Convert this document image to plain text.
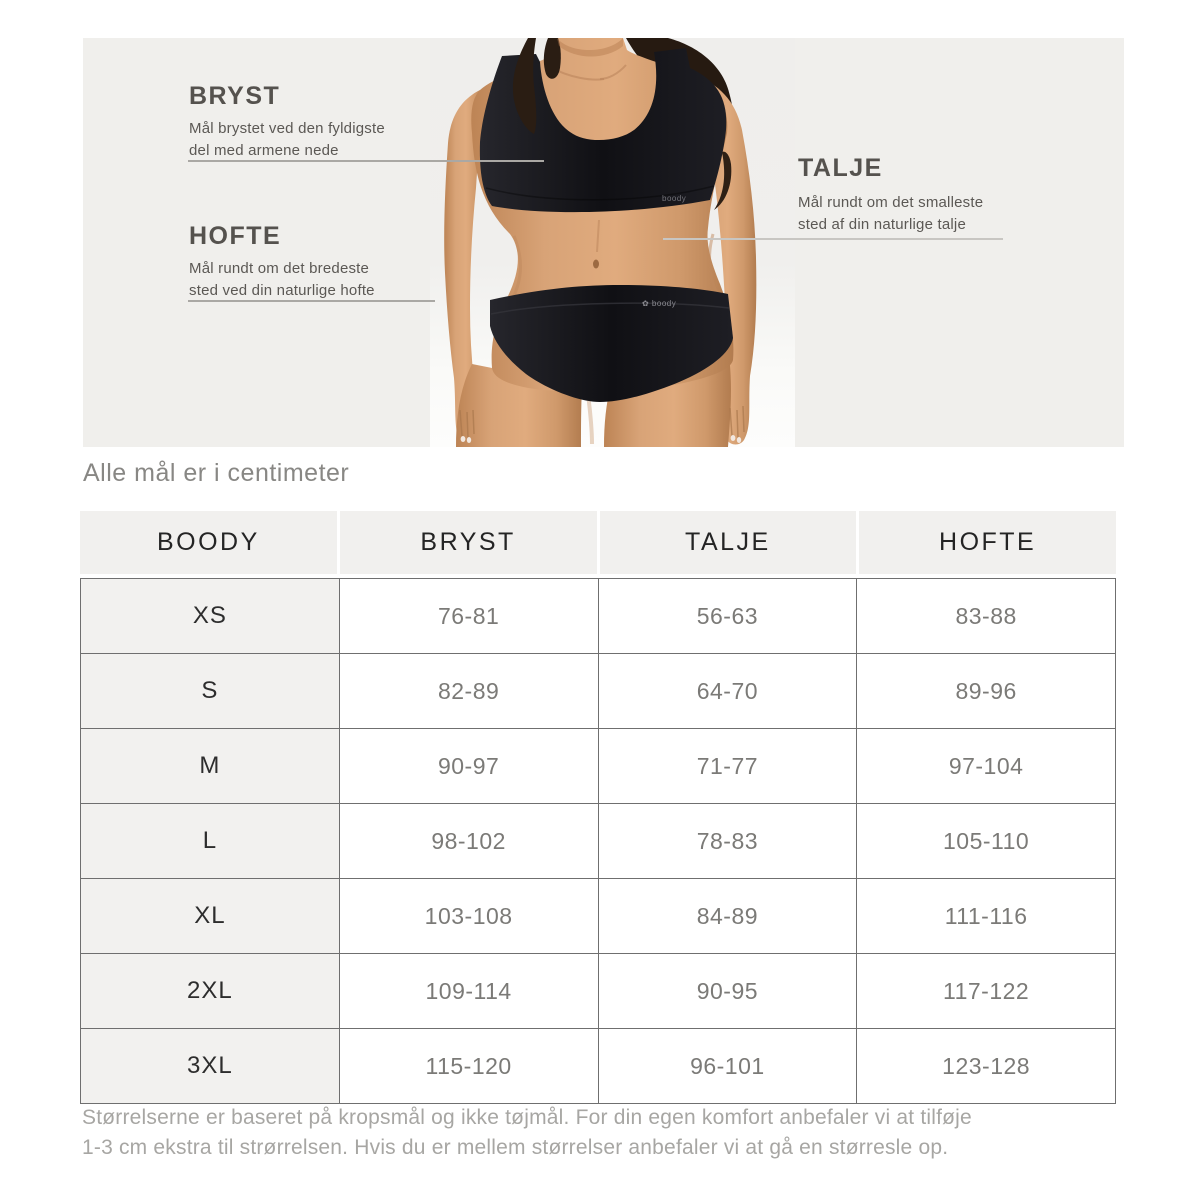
boody
✿ boody
BRYST
Mål brystet ved den fyldigste
del med armene nede
HOFTE
Mål rundt om det bredeste
sted ved din naturlige hofte
TALJE
Mål rundt om det smalleste
sted af din naturlige talje
Alle mål er i centimeter
BOODY	BRYST	TALJE	HOFTE
XS	76-81	56-63	83-88
S	82-89	64-70	89-96
M	90-97	71-77	97-104
L	98-102	78-83	105-110
XL	103-108	84-89	111-116
2XL	109-114	90-95	117-122
3XL	115-120	96-101	123-128
Størrelserne er baseret på kropsmål og ikke tøjmål. For din egen komfort anbefaler vi at tilføje
1-3 cm ekstra til strørrelsen. Hvis du er mellem størrelser anbefaler vi at gå en størresle op.
